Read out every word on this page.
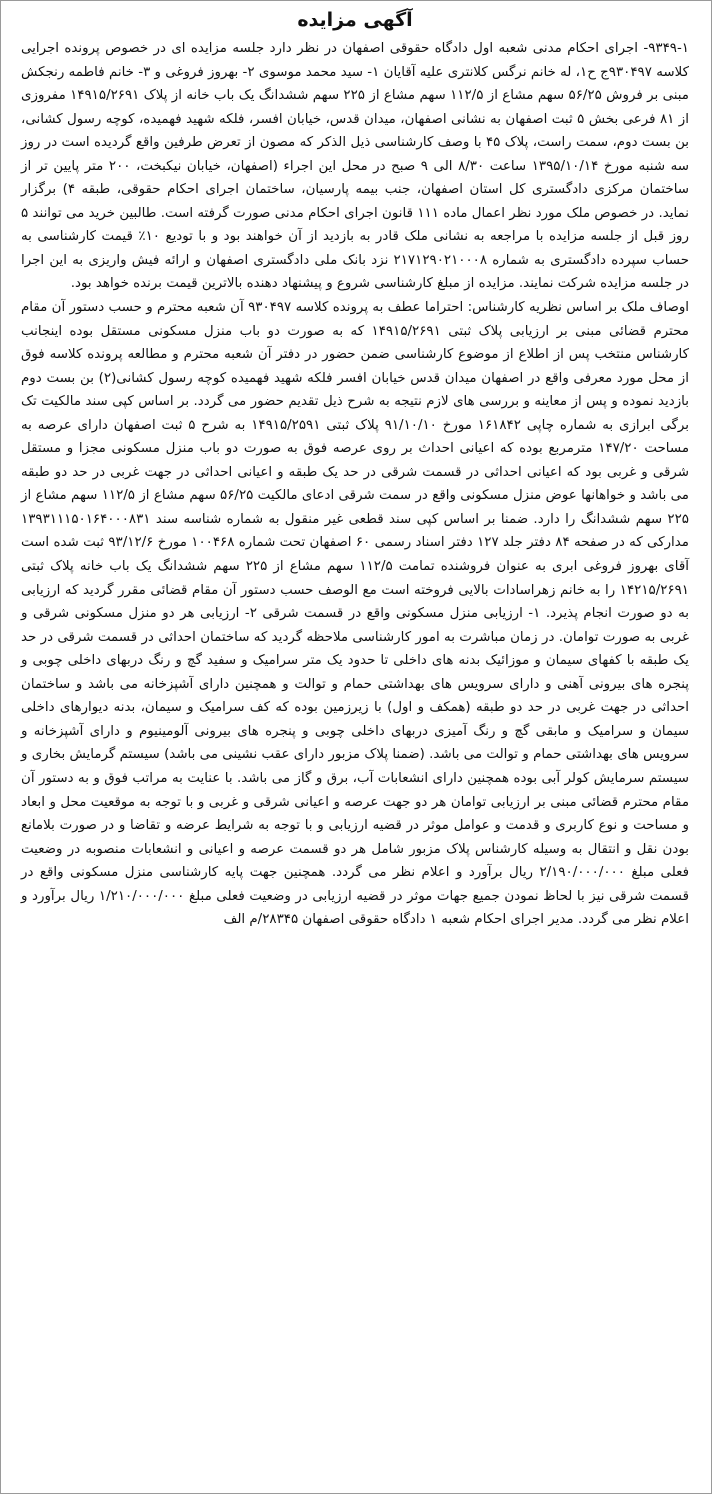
آگهی مزایده

۹۳۴۹-۱- اجرای احکام مدنی شعبه اول دادگاه حقوقی اصفهان در نظر دارد جلسه مزایده ای در خصوص پرونده اجرایی کلاسه ۹۳۰۴۹۷ج ح۱، له خانم نرگس کلانتری علیه آقایان ۱- سید محمد موسوی ۲- بهروز فروغی و ۳- خانم فاطمه رنجکش مبنی بر فروش ۵۶/۲۵ سهم مشاع از ۱۱۲/۵ سهم مشاع از ۲۲۵ سهم ششدانگ یک باب خانه از پلاک ۱۴۹۱۵/۲۶۹۱ مفروزی از ۸۱ فرعی بخش ۵ ثبت اصفهان به نشانی اصفهان، میدان قدس، خیابان افسر، فلکه شهید فهمیده، کوچه رسول کشانی، بن بست دوم، سمت راست، پلاک ۴۵ با وصف کارشناسی ذیل الذکر که مصون از تعرض طرفین واقع گردیده است در روز سه شنبه مورخ ۱۳۹۵/۱۰/۱۴ ساعت ۸/۳۰ الی ۹ صبح در محل این اجراء (اصفهان، خیابان نیکبخت، ۲۰۰ متر پایین تر از ساختمان مرکزی دادگستری کل استان اصفهان، جنب بیمه پارسیان، ساختمان اجرای احکام حقوقی، طبقه ۴) برگزار نماید. در خصوص ملک مورد نظر اعمال ماده ۱۱۱ قانون اجرای احکام مدنی صورت گرفته است. طالبین خرید می توانند ۵ روز قبل از جلسه مزایده با مراجعه به نشانی ملک قادر به بازدید از آن خواهند بود و با تودیع ۱۰٪ قیمت کارشناسی به حساب سپرده دادگستری به شماره ۲۱۷۱۲۹۰۲۱۰۰۰۸ نزد بانک ملی دادگستری اصفهان و ارائه فیش واریزی به این اجرا در جلسه مزایده شرکت نمایند. مزایده از مبلغ کارشناسی شروع و پیشنهاد دهنده بالاترین قیمت برنده خواهد بود.

اوصاف ملک بر اساس نظریه کارشناس: احتراما عطف به پرونده کلاسه ۹۳۰۴۹۷ آن شعبه محترم و حسب دستور آن مقام محترم قضائی مبنی بر ارزیابی پلاک ثبتی ۱۴۹۱۵/۲۶۹۱ که به صورت دو باب منزل مسکونی مستقل بوده اینجانب کارشناس منتخب پس از اطلاع از موضوع کارشناسی ضمن حضور در دفتر آن شعبه محترم و مطالعه پرونده کلاسه فوق از محل مورد معرفی واقع در اصفهان میدان قدس خیابان افسر فلکه شهید فهمیده کوچه رسول کشانی(۲) بن بست دوم بازدید نموده و پس از معاینه و بررسی های لازم نتیجه به شرح ذیل تقدیم حضور می گردد. بر اساس کپی سند مالکیت تک برگی ابرازی به شماره چاپی ۱۶۱۸۴۲ مورخ ۹۱/۱۰/۱۰ پلاک ثبتی ۱۴۹۱۵/۲۵۹۱ به شرح ۵ ثبت اصفهان دارای عرصه به مساحت ۱۴۷/۲۰ مترمربع بوده که اعیانی احداث بر روی عرصه فوق به صورت دو باب منزل مسکونی مجزا و مستقل شرقی و غربی بود که اعیانی احداثی در قسمت شرقی در حد یک طبقه و اعیانی احداثی در جهت غربی در حد دو طبقه می باشد و خواهانها عوض منزل مسکونی واقع در سمت شرقی ادعای مالکیت ۵۶/۲۵ سهم مشاع از ۱۱۲/۵ سهم مشاع از ۲۲۵ سهم ششدانگ را دارد. ضمنا بر اساس کپی سند قطعی غیر منقول به شماره شناسه سند ۱۳۹۳۱۱۱۵۰۱۶۴۰۰۰۸۳۱ مدارکی که در صفحه ۸۴ دفتر جلد ۱۲۷ دفتر اسناد رسمی ۶۰ اصفهان تحت شماره ۱۰۰۴۶۸ مورخ ۹۳/۱۲/۶ ثبت شده است آقای بهروز فروغی ابری به عنوان فروشنده تمامت ۱۱۲/۵ سهم مشاع از ۲۲۵ سهم ششدانگ یک باب خانه پلاک ثبتی ۱۴۲۱۵/۲۶۹۱ را به خانم زهراسادات بالایی فروخته است مع الوصف حسب دستور آن مقام قضائی مقرر گردید که ارزیابی به دو صورت انجام پذیرد. ۱- ارزیابی منزل مسکونی واقع در قسمت شرقی ۲- ارزیابی هر دو منزل مسکونی شرقی و غربی به صورت توامان. در زمان مباشرت به امور کارشناسی ملاحظه گردید که ساختمان احداثی در قسمت شرقی در حد یک طبقه با کفهای سیمان و موزائیک بدنه های داخلی تا حدود یک متر سرامیک و سفید گچ و رنگ دربهای داخلی چوبی و پنجره های بیرونی آهنی و دارای سرویس های بهداشتی حمام و توالت و همچنین دارای آشپزخانه می باشد و ساختمان احداثی در جهت غربی در حد دو طبقه (همکف و اول) با زیرزمین بوده که کف سرامیک و سیمان، بدنه دیوارهای داخلی سیمان و سرامیک و مابقی گچ و رنگ آمیزی دربهای داخلی چوبی و پنجره های بیرونی آلومینیوم و دارای آشپزخانه و سرویس های بهداشتی حمام و توالت می باشد. (ضمنا پلاک مزبور دارای عقب نشینی می باشد) سیستم گرمایش بخاری و سیستم سرمایش کولر آبی بوده همچنین دارای انشعابات آب، برق و گاز می باشد. با عنایت به مراتب فوق و به دستور آن مقام محترم قضائی مبنی بر ارزیابی توامان هر دو جهت عرصه و اعیانی شرقی و غربی و با توجه به موقعیت محل و ابعاد و مساحت و نوع کاربری و قدمت و عوامل موثر در قضیه ارزیابی و با توجه به شرایط عرضه و تقاضا و در صورت بلامانع بودن نقل و انتقال به وسیله کارشناس پلاک مزبور شامل هر دو قسمت عرصه و اعیانی و انشعابات منصوبه در وضعیت فعلی مبلغ ۲/۱۹۰/۰۰۰/۰۰۰ ریال برآورد و اعلام نظر می گردد. همچنین جهت پایه کارشناسی منزل مسکونی واقع در قسمت شرقی نیز با لحاظ نمودن جمیع جهات موثر در قضیه ارزیابی در وضعیت فعلی مبلغ ۱/۲۱۰/۰۰۰/۰۰۰ ریال برآورد و اعلام نظر می گردد. مدیر اجرای احکام شعبه ۱ دادگاه حقوقی اصفهان ۲۸۳۴۵/م الف
